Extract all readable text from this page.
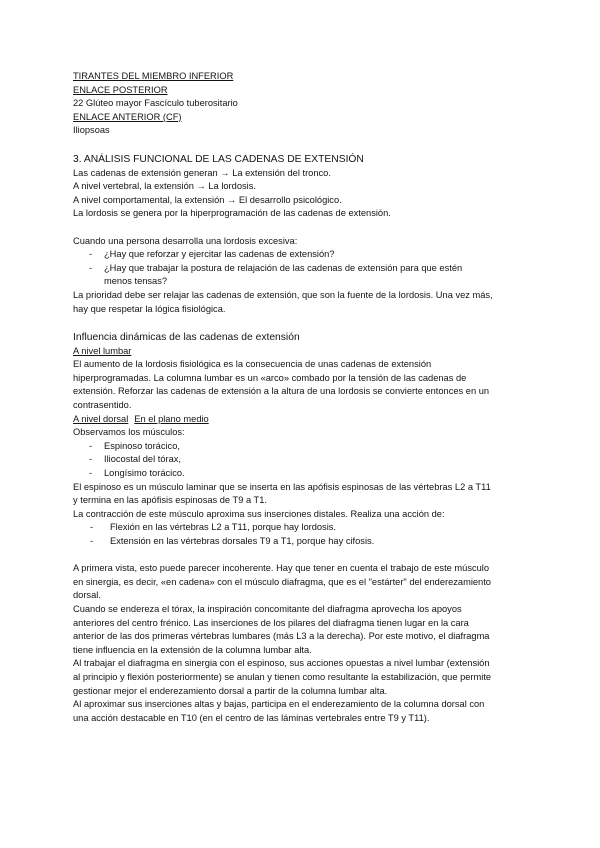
TIRANTES DEL MIEMBRO INFERIOR
ENLACE POSTERIOR
22 Glúteo mayor Fascículo tuberositario
ENLACE ANTERIOR (CF)
Iliopsoas
3. ANÁLISIS FUNCIONAL DE LAS CADENAS DE EXTENSIÓN
Las cadenas de extensión generan → La extensión del tronco.
A nivel vertebral, la extensión → La lordosis.
A nivel comportamental, la extensión → El desarrollo psicológico.
La lordosis se genera por la hiperprogramación de las cadenas de extensión.
Cuando una persona desarrolla una lordosis excesiva:
- ¿Hay que reforzar y ejercitar las cadenas de extensión?
- ¿Hay que trabajar la postura de relajación de las cadenas de extensión para que estén
menos tensas?
La prioridad debe ser relajar las cadenas de extensión, que son la fuente de la lordosis. Una vez más,
hay que respetar la lógica fisiológica.
Influencia dinámicas de las cadenas de extensión
A nivel lumbar
El aumento de la lordosis fisiológica es la consecuencia de unas cadenas de extensión
hiperprogramadas. La columna lumbar es un «arco» combado por la tensión de las cadenas de
extensión. Reforzar las cadenas de extensión a la altura de una lordosis se convierte entonces en un
contrasentido.
A nivel dorsal En el plano medio
Observamos los músculos:
- Espinoso torácico,
- Iliocostal del tórax,
- Longísimo torácico.
El espinoso es un músculo laminar que se inserta en las apófisis espinosas de las vértebras L2 a T11
y termina en las apófisis espinosas de T9 a T1.
La contracción de este músculo aproxima sus inserciones distales. Realiza una acción de:
- Flexión en las vértebras L2 a T11, porque hay lordosis.
- Extensión en las vértebras dorsales T9 a T1, porque hay cifosis.
A primera vista, esto puede parecer incoherente. Hay que tener en cuenta el trabajo de este músculo
en sinergia, es decir, «en cadena» con el músculo diafragma, que es el "estárter" del enderezamiento
dorsal.
Cuando se endereza el tórax, la inspiración concomitante del diafragma aprovecha los apoyos
anteriores del centro frénico. Las inserciones de los pilares del diafragma tienen lugar en la cara
anterior de las dos primeras vértebras lumbares (más L3 a la derecha). Por este motivo, el diafragma
tiene influencia en la extensión de la columna lumbar alta.
Al trabajar el diafragma en sinergia con el espinoso, sus acciones opuestas a nivel lumbar (extensión
al principio y flexión posteriormente) se anulan y tienen como resultante la estabilización, que permite
gestionar mejor el enderezamiento dorsal a partir de la columna lumbar alta.
Al aproximar sus inserciones altas y bajas, participa en el enderezamiento de la columna dorsal con
una acción destacable en T10 (en el centro de las láminas vertebrales entre T9 y T11).
